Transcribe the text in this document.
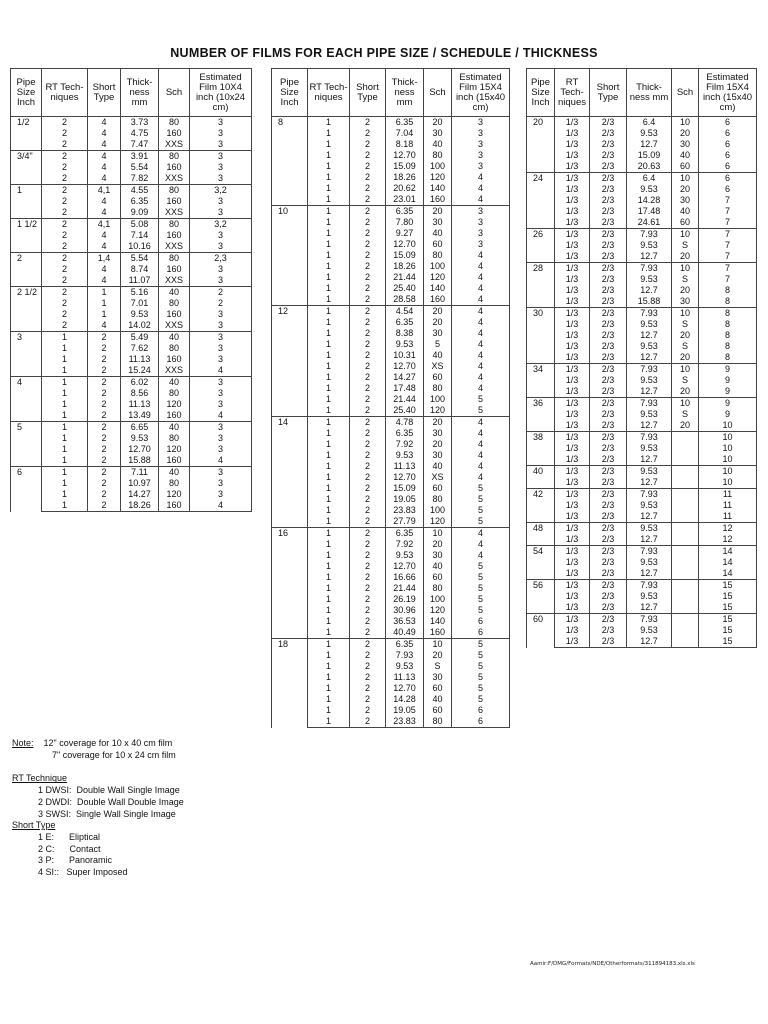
NUMBER OF FILMS FOR EACH PIPE SIZE / SCHEDULE / THICKNESS
Pipe Size Inch	RT Tech- niques	Short Type	Thick- ness mm	Sch	Estimated Film 10X4 inch (10x24 cm)
1/2	2	4	3.73	80	3
	2	4	4.75	160	3
	2	4	7.47	XXS	3
3/4"	2	4	3.91	80	3
	2	4	5.54	160	3
	2	4	7.82	XXS	3
1	2	4,1	4.55	80	3,2
	2	4	6.35	160	3
	2	4	9.09	XXS	3
1 1/2	2	4,1	5.08	80	3,2
	2	4	7.14	160	3
	2	4	10.16	XXS	3
2	2	1,4	5.54	80	2,3
	2	4	8.74	160	3
	2	4	11.07	XXS	3
2 1/2	2	1	5.16	40	2
	2	1	7.01	80	2
	2	1	9.53	160	3
	2	4	14.02	XXS	3
3	1	2	5.49	40	3
	1	2	7.62	80	3
	1	2	11.13	160	3
	1	2	15.24	XXS	4
4	1	2	6.02	40	3
	1	2	8.56	80	3
	1	2	11.13	120	3
	1	2	13.49	160	4
5	1	2	6.65	40	3
	1	2	9.53	80	3
	1	2	12.70	120	3
	1	2	15.88	160	4
6	1	2	7.11	40	3
	1	2	10.97	80	3
	1	2	14.27	120	3
	1	2	18.26	160	4
Pipe Size Inch	RT Tech- niques	Short Type	Thick- ness mm	Sch	Estimated Film 15X4 inch (15x40 cm)
8	1	2	6.35	20	3
	1	2	7.04	30	3
	1	2	8.18	40	3
	1	2	12.70	80	3
	1	2	15.09	100	3
	1	2	18.26	120	4
	1	2	20.62	140	4
	1	2	23.01	160	4
10	1	2	6.35	20	3
	1	2	7.80	30	3
	1	2	9.27	40	3
	1	2	12.70	60	3
	1	2	15.09	80	4
	1	2	18.26	100	4
	1	2	21.44	120	4
	1	2	25.40	140	4
	1	2	28.58	160	4
12	1	2	4.54	20	4
	1	2	6.35	20	4
	1	2	8.38	30	4
	1	2	9.53	5	4
	1	2	10.31	40	4
	1	2	12.70	XS	4
	1	2	14.27	60	4
	1	2	17.48	80	4
	1	2	21.44	100	5
	1	2	25.40	120	5
14	1	2	4.78	20	4
	1	2	6.35	30	4
	1	2	7.92	20	4
	1	2	9.53	30	4
	1	2	11.13	40	4
	1	2	12.70	XS	4
	1	2	15.09	60	5
	1	2	19.05	80	5
	1	2	23.83	100	5
	1	2	27.79	120	5
16	1	2	6.35	10	4
	1	2	7.92	20	4
	1	2	9.53	30	4
	1	2	12.70	40	5
	1	2	16.66	60	5
	1	2	21.44	80	5
	1	2	26.19	100	5
	1	2	30.96	120	5
	1	2	36.53	140	6
	1	2	40.49	160	6
18	1	2	6.35	10	5
	1	2	7.93	20	5
	1	2	9.53	S	5
	1	2	11.13	30	5
	1	2	12.70	60	5
	1	2	14.28	40	5
	1	2	19.05	60	6
	1	2	23.83	80	6
Pipe Size Inch	RT Tech- niques	Short Type	Thick- ness mm	Sch	Estimated Film 15X4 inch (15x40 cm)
20	1/3	2/3	6.4	10	6
	1/3	2/3	9.53	20	6
	1/3	2/3	12.7	30	6
	1/3	2/3	15.09	40	6
	1/3	2/3	20.63	60	6
24	1/3	2/3	6.4	10	6
	1/3	2/3	9.53	20	6
	1/3	2/3	14.28	30	7
	1/3	2/3	17.48	40	7
	1/3	2/3	24.61	60	7
26	1/3	2/3	7.93	10	7
	1/3	2/3	9.53	S	7
	1/3	2/3	12.7	20	7
28	1/3	2/3	7.93	10	7
	1/3	2/3	9.53	S	7
	1/3	2/3	12.7	20	8
	1/3	2/3	15.88	30	8
30	1/3	2/3	7.93	10	8
	1/3	2/3	9.53	S	8
	1/3	2/3	12.7	20	8
	1/3	2/3	9.53	S	8
	1/3	2/3	12.7	20	8
34	1/3	2/3	7.93	10	9
	1/3	2/3	9.53	S	9
	1/3	2/3	12.7	20	9
36	1/3	2/3	7.93	10	9
	1/3	2/3	9.53	S	9
	1/3	2/3	12.7	20	10
38	1/3	2/3	7.93		10
	1/3	2/3	9.53		10
	1/3	2/3	12.7		10
40	1/3	2/3	9.53		10
	1/3	2/3	12.7		10
42	1/3	2/3	7.93		11
	1/3	2/3	9.53		11
	1/3	2/3	12.7		11
48	1/3	2/3	9.53		12
	1/3	2/3	12.7		12
54	1/3	2/3	7.93		14
	1/3	2/3	9.53		14
	1/3	2/3	12.7		14
56	1/3	2/3	7.93		15
	1/3	2/3	9.53		15
	1/3	2/3	12.7		15
60	1/3	2/3	7.93		15
	1/3	2/3	9.53		15
	1/3	2/3	12.7		15
Note: 12" coverage for 10 x 40 cm film
7" coverage for 10 x 24 cm film
RT Technique
1 DWSI:  Double Wall Single Image
2 DWDI:  Double Wall Double Image
3 SWSI:  Single Wall Single Image
Short Type
1 E:      Eliptical
2 C:      Contact
3 P:      Panoramic
4 SI::   Super Imposed
Aamir:F/DMG/Formats/NDE/Otherformats/311894183.xls.xls
